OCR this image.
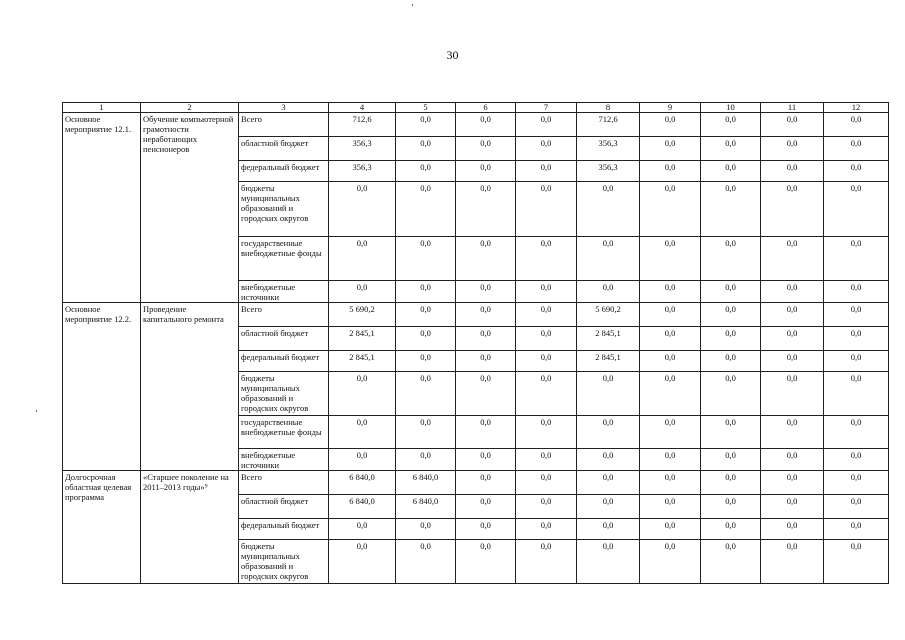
30
1	2	3	4	5	6	7	8	9	10	11	12
Основное мероприятие 12.1.	Обучение компьютерной грамотности неработающих пенсионеров	Всего	712,6	0,0	0,0	0,0	712,6	0,0	0,0	0,0	0,0
		областной бюджет	356,3	0,0	0,0	0,0	356,3	0,0	0,0	0,0	0,0
		федеральный бюджет	356,3	0,0	0,0	0,0	356,3	0,0	0,0	0,0	0,0
		бюджеты муниципальных образований и городских округов	0,0	0,0	0,0	0,0	0,0	0,0	0,0	0,0	0,0
		государственные внебюджетные фонды	0,0	0,0	0,0	0,0	0,0	0,0	0,0	0,0	0,0
		внебюджетные источники	0,0	0,0	0,0	0,0	0,0	0,0	0,0	0,0	0,0
Основное мероприятие 12.2.	Проведение капитального ремонта	Всего	5 690,2	0,0	0,0	0,0	5 690,2	0,0	0,0	0,0	0,0
		областной бюджет	2 845,1	0,0	0,0	0,0	2 845,1	0,0	0,0	0,0	0,0
		федеральный бюджет	2 845,1	0,0	0,0	0,0	2 845,1	0,0	0,0	0,0	0,0
		бюджеты муниципальных образований и городских округов	0,0	0,0	0,0	0,0	0,0	0,0	0,0	0,0	0,0
		государственные внебюджетные фонды	0,0	0,0	0,0	0,0	0,0	0,0	0,0	0,0	0,0
		внебюджетные источники	0,0	0,0	0,0	0,0	0,0	0,0	0,0	0,0	0,0
Долгосрочная областная целевая программа	«Старшее поколение на 2011–2013 годы»⁹	Всего	6 840,0	6 840,0	0,0	0,0	0,0	0,0	0,0	0,0	0,0
		областной бюджет	6 840,0	6 840,0	0,0	0,0	0,0	0,0	0,0	0,0	0,0
		федеральный бюджет	0,0	0,0	0,0	0,0	0,0	0,0	0,0	0,0	0,0
		бюджеты муниципальных образований и городских округов	0,0	0,0	0,0	0,0	0,0	0,0	0,0	0,0	0,0
